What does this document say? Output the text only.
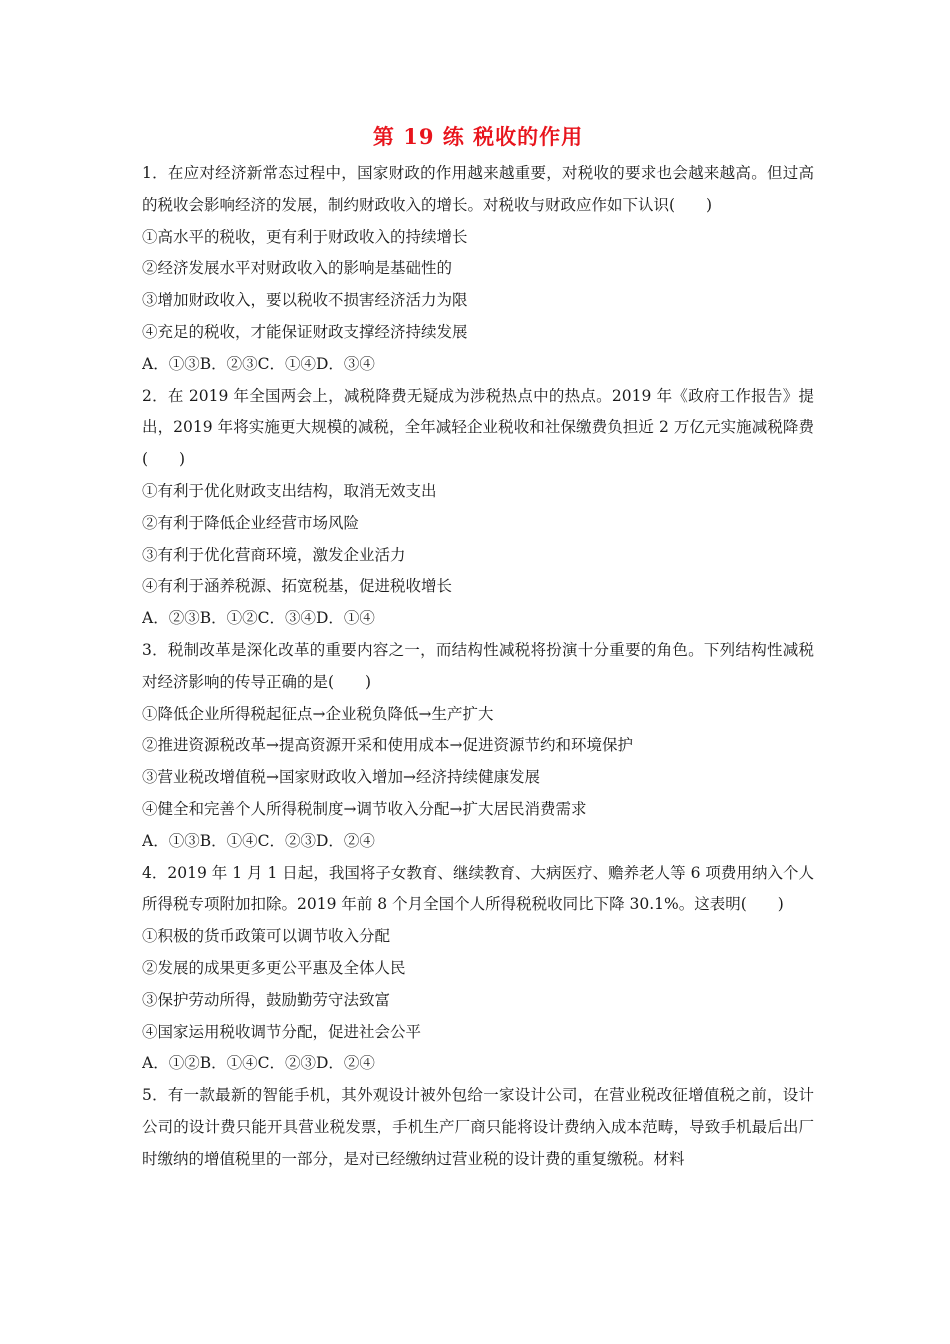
第 19 练 税收的作用
1．在应对经济新常态过程中，国家财政的作用越来越重要，对税收的要求也会越来越高。但过高的税收会影响经济的发展，制约财政收入的增长。对税收与财政应作如下认识(　　)
①高水平的税收，更有利于财政收入的持续增长
②经济发展水平对财政收入的影响是基础性的
③增加财政收入，要以税收不损害经济活力为限
④充足的税收，才能保证财政支撑经济持续发展
A．①③B．②③C．①④D．③④
2．在 2019 年全国两会上，减税降费无疑成为涉税热点中的热点。2019 年《政府工作报告》提出，2019 年将实施更大规模的减税，全年减轻企业税收和社保缴费负担近 2 万亿元实施减税降费(　　)
①有利于优化财政支出结构，取消无效支出
②有利于降低企业经营市场风险
③有利于优化营商环境，激发企业活力
④有利于涵养税源、拓宽税基，促进税收增长
A．②③B．①②C．③④D．①④
3．税制改革是深化改革的重要内容之一，而结构性减税将扮演十分重要的角色。下列结构性减税对经济影响的传导正确的是(　　)
①降低企业所得税起征点→企业税负降低→生产扩大
②推进资源税改革→提高资源开采和使用成本→促进资源节约和环境保护
③营业税改增值税→国家财政收入增加→经济持续健康发展
④健全和完善个人所得税制度→调节收入分配→扩大居民消费需求
A．①③B．①④C．②③D．②④
4．2019 年 1 月 1 日起，我国将子女教育、继续教育、大病医疗、赡养老人等 6 项费用纳入个人所得税专项附加扣除。2019 年前 8 个月全国个人所得税税收同比下降 30.1%。这表明(　　)
①积极的货币政策可以调节收入分配
②发展的成果更多更公平惠及全体人民
③保护劳动所得，鼓励勤劳守法致富
④国家运用税收调节分配，促进社会公平
A．①②B．①④C．②③D．②④
5．有一款最新的智能手机，其外观设计被外包给一家设计公司，在营业税改征增值税之前，设计公司的设计费只能开具营业税发票，手机生产厂商只能将设计费纳入成本范畴，导致手机最后出厂时缴纳的增值税里的一部分，是对已经缴纳过营业税的设计费的重复缴税。材料
